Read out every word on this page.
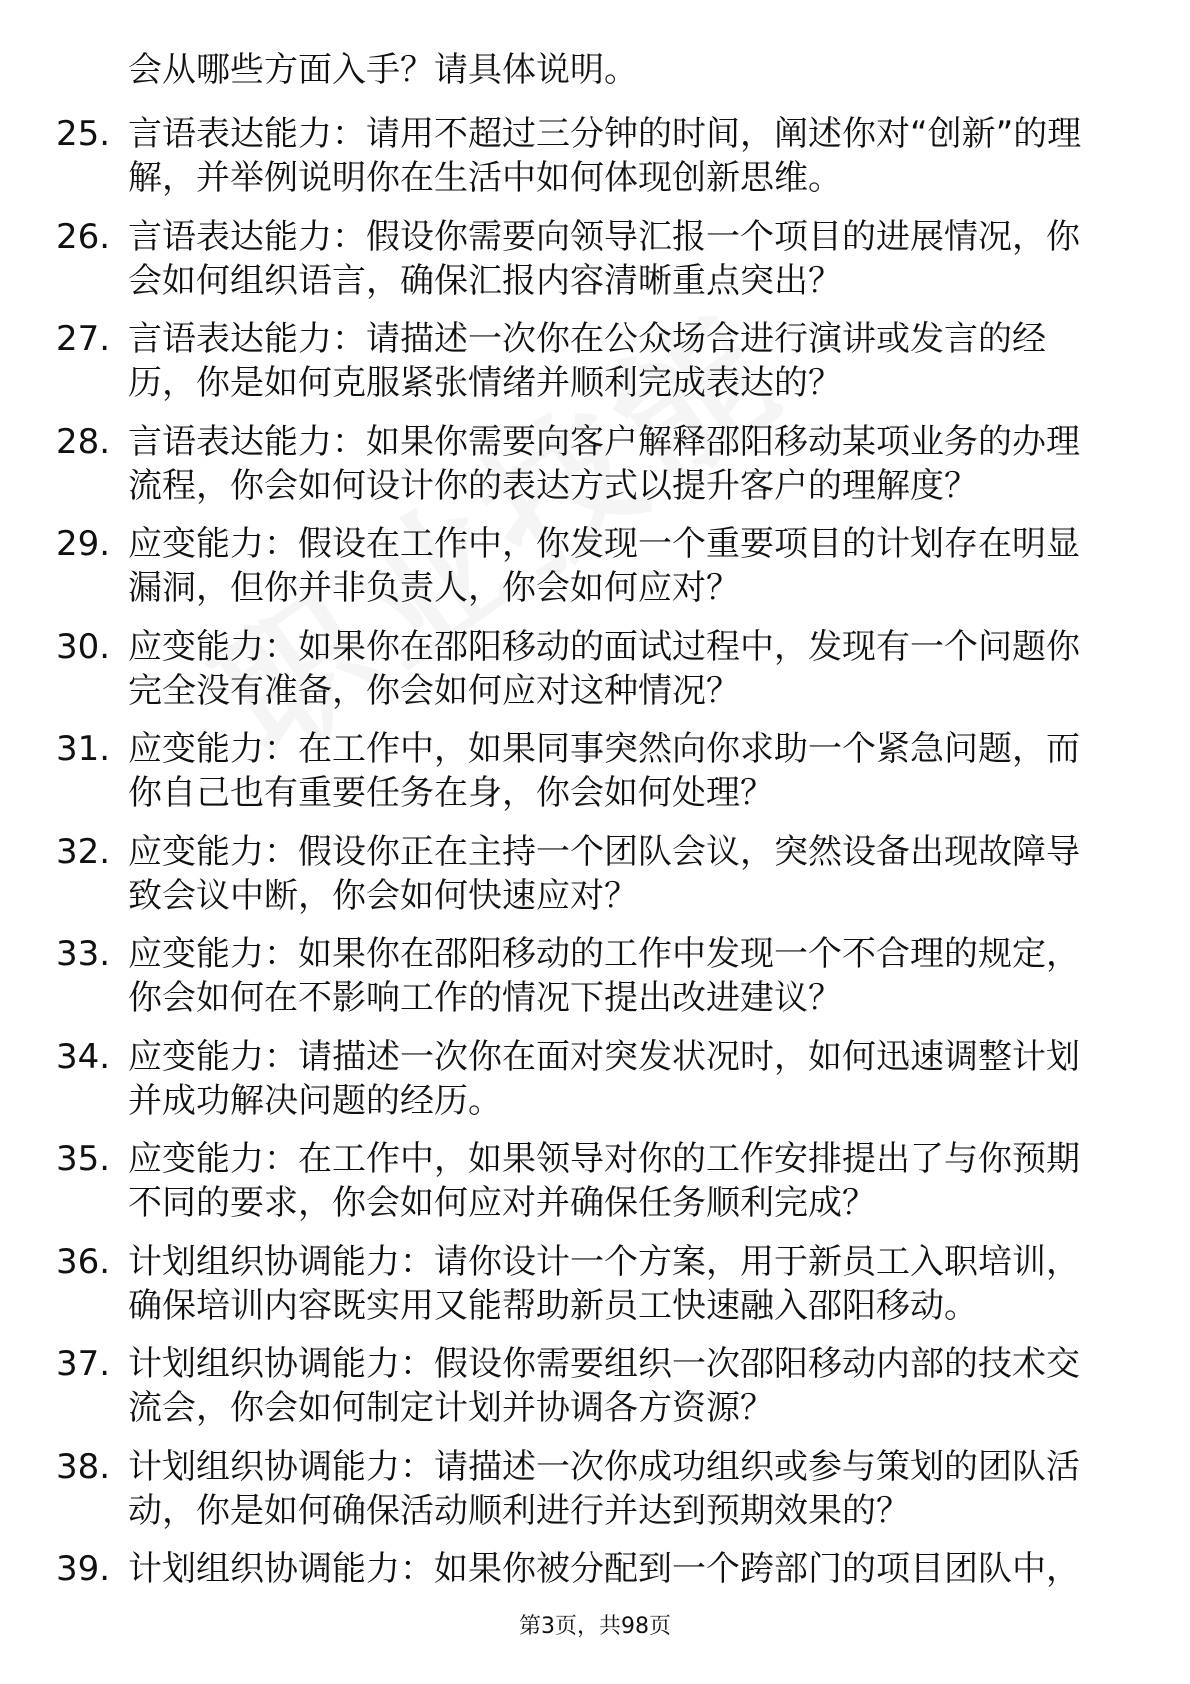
会从哪些方面入手？请具体说明。
25. 言语表达能力：请用不超过三分钟的时间，阐述你对“创新”的理
解，并举例说明你在生活中如何体现创新思维。
26. 言语表达能力：假设你需要向领导汇报一个项目的进展情况，你
会如何组织语言，确保汇报内容清晰重点突出？
27. 言语表达能力：请描述一次你在公众场合进行演讲或发言的经
历，你是如何克服紧张情绪并顺利完成表达的？
28. 言语表达能力：如果你需要向客户解释邵阳移动某项业务的办理
流程，你会如何设计你的表达方式以提升客户的理解度？
29. 应变能力：假设在工作中，你发现一个重要项目的计划存在明显
漏洞，但你并非负责人，你会如何应对？
30. 应变能力：如果你在邵阳移动的面试过程中，发现有一个问题你
完全没有准备，你会如何应对这种情况？
31. 应变能力：在工作中，如果同事突然向你求助一个紧急问题，而
你自己也有重要任务在身，你会如何处理？
32. 应变能力：假设你正在主持一个团队会议，突然设备出现故障导
致会议中断，你会如何快速应对？
33. 应变能力：如果你在邵阳移动的工作中发现一个不合理的规定，
你会如何在不影响工作的情况下提出改进建议？
34. 应变能力：请描述一次你在面对突发状况时，如何迅速调整计划
并成功解决问题的经历。
35. 应变能力：在工作中，如果领导对你的工作安排提出了与你预期
不同的要求，你会如何应对并确保任务顺利完成？
36. 计划组织协调能力：请你设计一个方案，用于新员工入职培训，
确保培训内容既实用又能帮助新员工快速融入邵阳移动。
37. 计划组织协调能力：假设你需要组织一次邵阳移动内部的技术交
流会，你会如何制定计划并协调各方资源？
38. 计划组织协调能力：请描述一次你成功组织或参与策划的团队活
动，你是如何确保活动顺利进行并达到预期效果的？
39. 计划组织协调能力：如果你被分配到一个跨部门的项目团队中，
第3页，共98页
